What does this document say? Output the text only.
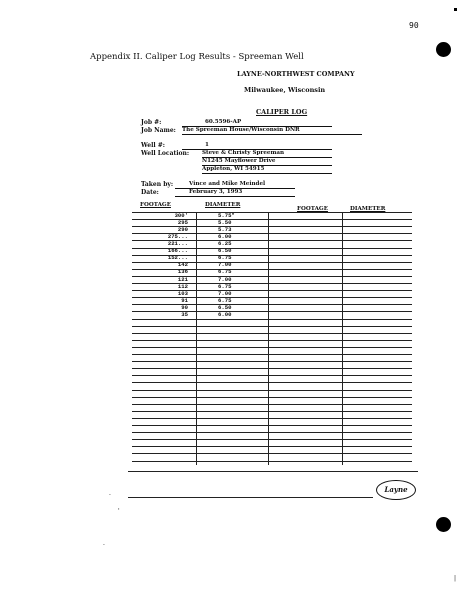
90
Appendix II. Caliper Log Results - Spreeman Well
LAYNE-NORTHWEST COMPANY
Milwaukee, Wisconsin
CALIPER LOG
Job #:	60.5596-AP
Job Name: The Spreeman House/Wisconsin DNR
Well #:	1
Well Location: Steve & Christy Spreeman
N1245 Mayflower Drive
Appleton, WI 54915
Taken by:	Vince and Mike Meindel
Date:	February 3, 1993
FOOTAGE	DIAMETER
FOOTAGE	DIAMETER
300'	5.75"
295	5.50
290	5.73
275...	6.00
221...	6.25
166...	6.50
152...	6.75
142	7.00
136	6.75
121	7.00
112	6.75
103	7.00
91	6.75
90	6.50
35	6.00
Layne
.
'
.
|
